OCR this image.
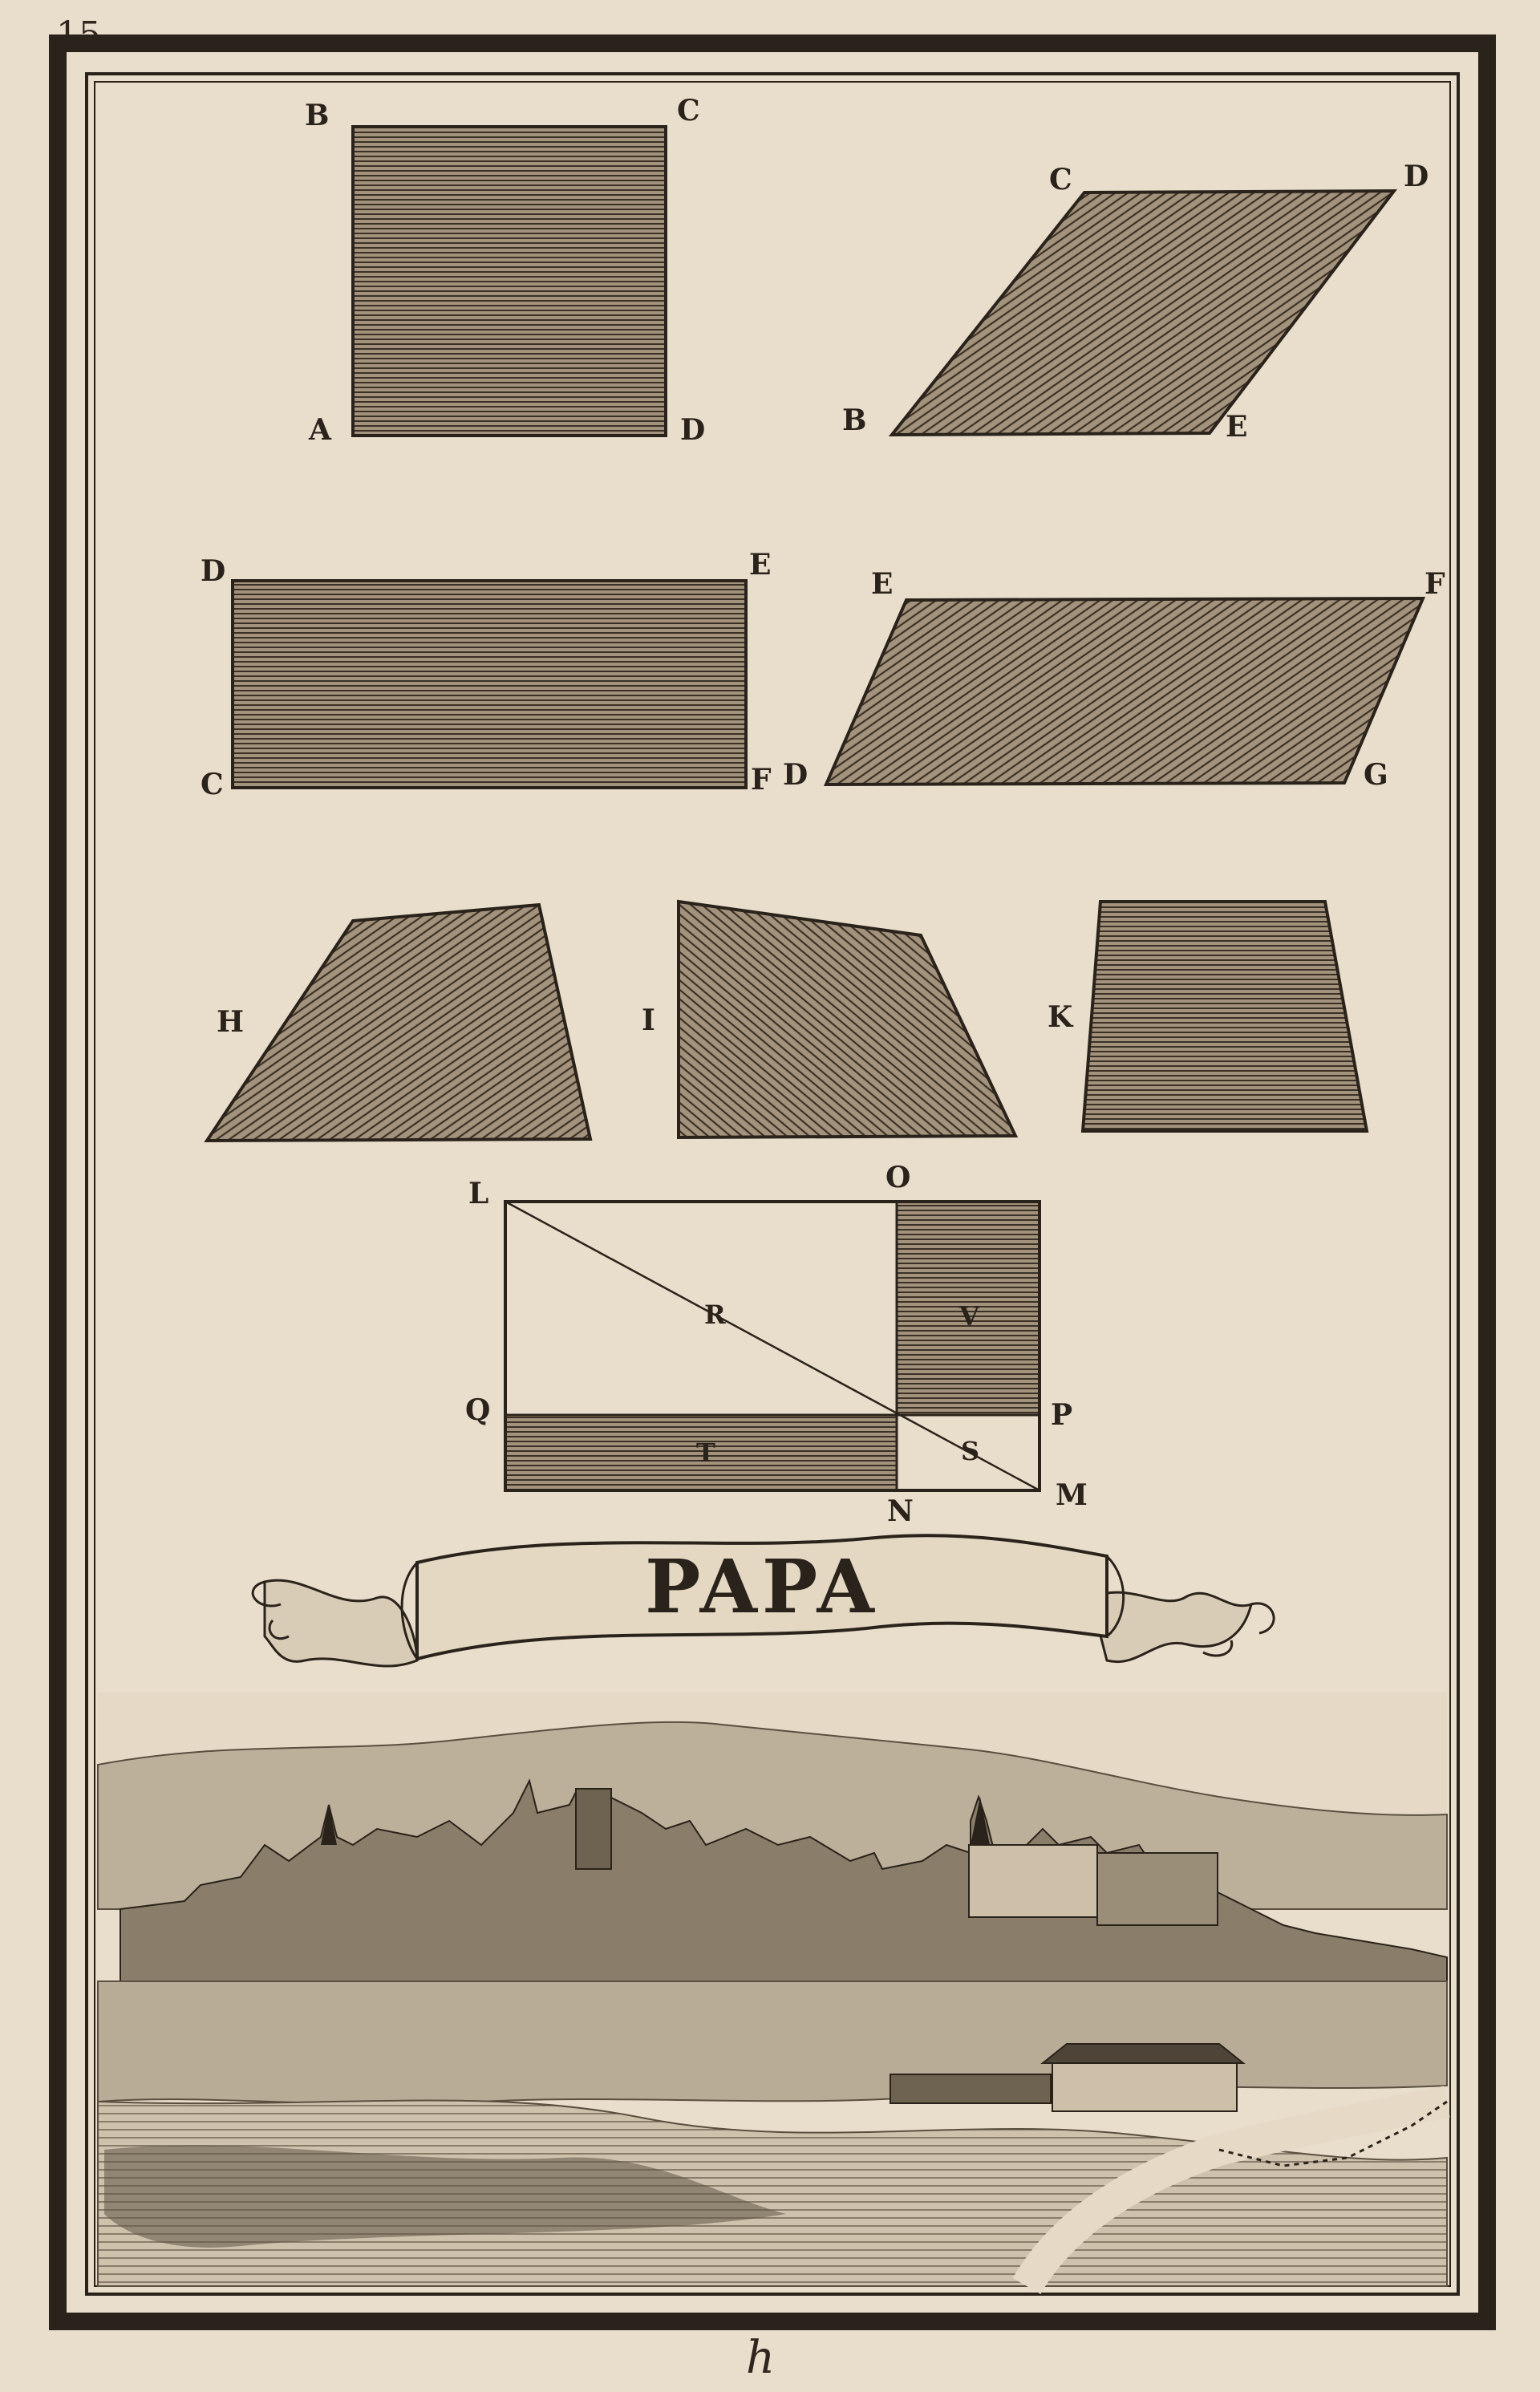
15.
B	C
A	D
C	D
B	E
D	E
C	F
E	F
D	G
H	I	K
L	O
Q	P
N	M
R	V
T	S
PAPA
h
